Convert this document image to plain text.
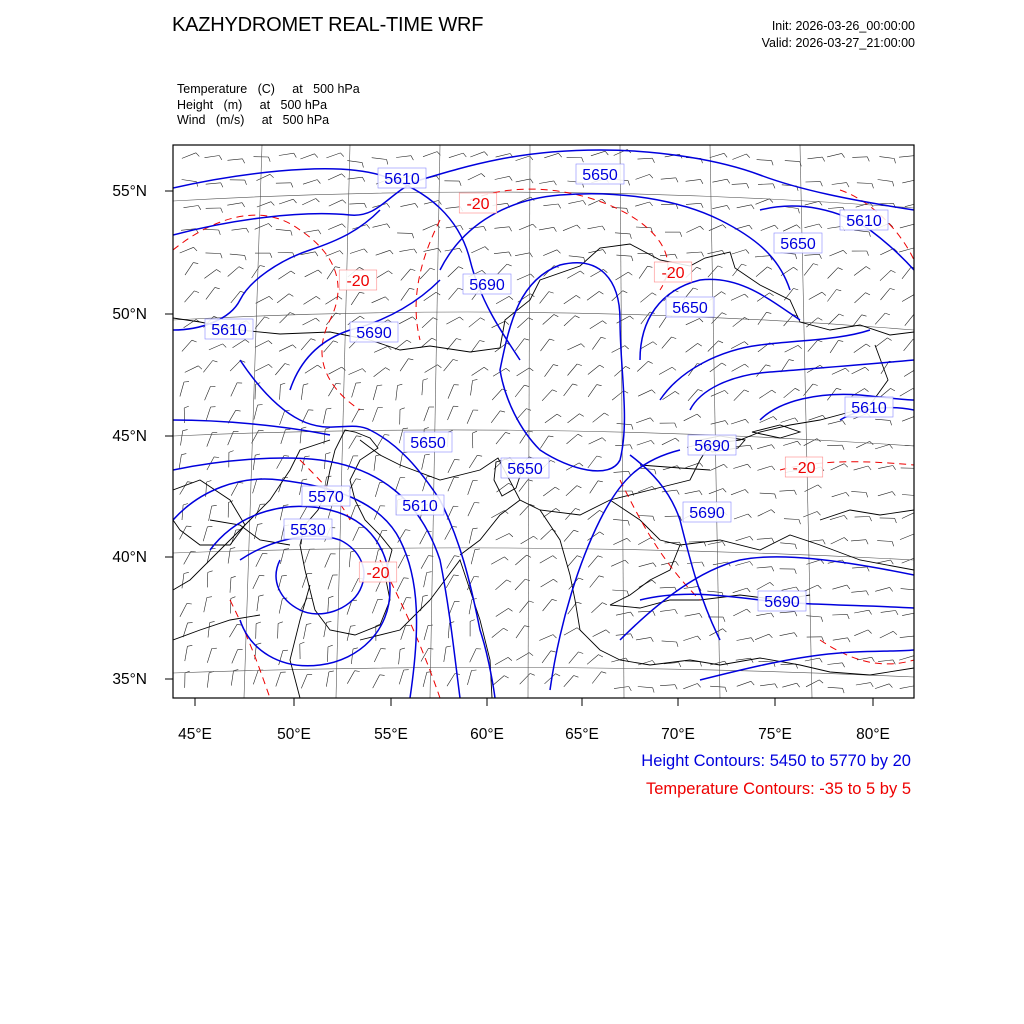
KAZHYDROMET REAL-TIME WRF	Init: 2026-03-26_00:00:00
Valid: 2026-03-27_21:00:00
Temperature   (C)     at   500 hPa
Height   (m)     at   500 hPa
Wind   (m/s)     at   500 hPa
5610	5650
5610
5650
5690
5610
5650
5690
5610
5650	5690
5650
5570
5610
5530
5690
5690
-20
-20	-20
-20
-20
45°E	50°E	55°E	60°E	65°E	70°E	75°E	80°E
55°N
50°N
45°N
40°N
35°N
Height Contours: 5450 to 5770 by 20
Temperature Contours: -35 to 5 by 5
